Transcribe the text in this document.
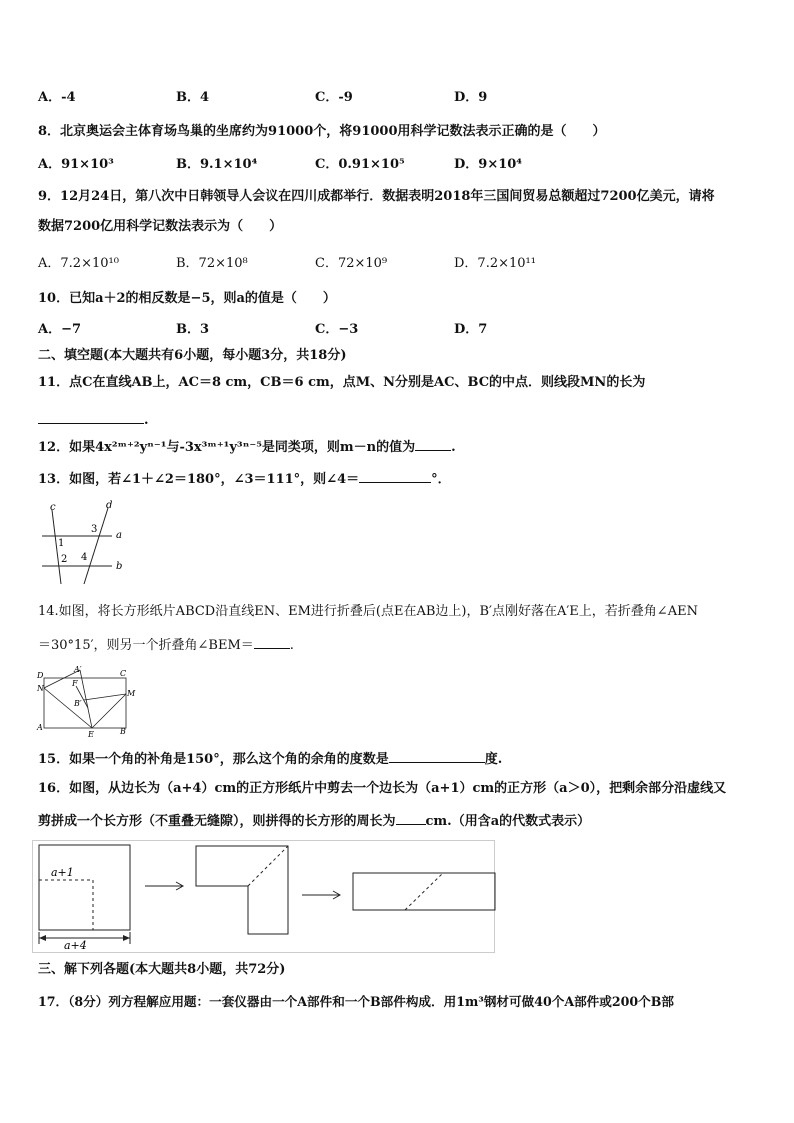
A．-4	B．4	C．-9	D．9
8．北京奥运会主体育场鸟巢的坐席约为91000个，将91000用科学记数法表示正确的是（　　）
A．91×10³	B．9.1×10⁴	C．0.91×10⁵	D．9×10⁴
9．12月24日，第八次中日韩领导人会议在四川成都举行．数据表明2018年三国间贸易总额超过7200亿美元，请将
数据7200亿用科学记数法表示为（　　）
A．7.2×10¹⁰	B．72×10⁸	C．72×10⁹	D．7.2×10¹¹
10．已知a＋2的相反数是−5，则a的值是（　　）
A．−7	B．3	C．−3	D．7
二、填空题(本大题共有6小题，每小题3分，共18分)
11．点C在直线AB上，AC＝8 cm，CB＝6 cm，点M、N分别是AC、BC的中点．则线段MN的长为
.
12．如果4x²ᵐ⁺²yⁿ⁻¹与-3x³ᵐ⁺¹y³ⁿ⁻⁵是同类项，则m－n的值为	.
13．如图，若∠1＋∠2＝180°，∠3＝111°，则∠4＝	°．
c	d
3
a
1
2 4
b
14.如图，将长方形纸片ABCD沿直线EN、EM进行折叠后(点E在AB边上)，B′点刚好落在A′E上，若折叠角∠AEN
＝30°15′，则另一个折叠角∠BEM＝	.
A′
D
N
F
C
M
B′
A
E	B
15．如果一个角的补角是150°，那么这个角的余角的度数是	度.
16．如图，从边长为（a+4）cm的正方形纸片中剪去一个边长为（a+1）cm的正方形（a＞0），把剩余部分沿虚线又
剪拼成一个长方形（不重叠无缝隙），则拼得的长方形的周长为 cm.（用含a的代数式表示）
a+1
a+4
三、解下列各题(本大题共8小题，共72分)
17．（8分）列方程解应用题：一套仪器由一个A部件和一个B部件构成．用1m³钢材可做40个A部件或200个B部
